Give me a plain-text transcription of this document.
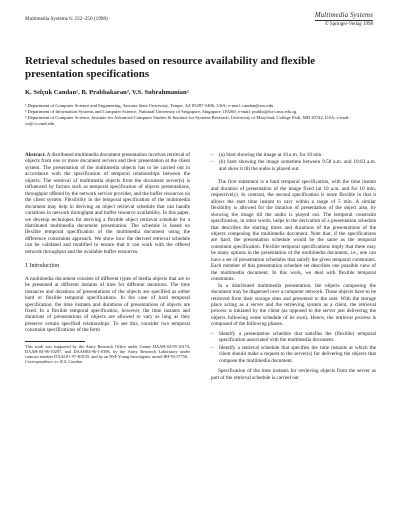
Multimedia Systems 6: 232–250 (1998)	Multimedia Systems
© Springer-Verlag 1998
Retrieval schedules based on resource availability and flexible presentation specifications
K. Selçuk Candan¹, B. Prabhakaran², V.S. Subrahmanian³
¹ Department of Computer Science and Engineering, Arizona State University, Tempe, AZ 85287-5406, USA; e-mail: candan@asu.edu
² Department of Information Systems and Computer Science, National University of Singapore, Singapore 119260; e-mail: prabha@iscs.nus.edu.sg
³ Department of Computer Science, Institute for Advanced Computer Studies & Institute for Systems Research, University of Maryland, College Park, MD 20742, USA; e-mail: vs@cs.umd.edu

Abstract. A distributed multimedia document presentation involves retrieval of objects from one or more document servers and their presentation at the client system. The presentation of the multimedia objects has to be carried out in accordance with the specification of temporal relationships between the objects. The retrieval of multimedia objects from the document server(s) is influenced by factors such as temporal specification of objects presentations, throughput offered by the network service provider, and the buffer resources on the client system. Flexibility in the temporal specification of the multimedia document may help in deriving an object retrieval schedule that can handle variations in network throughput and buffer resource availability. In this paper, we develop techniques for deriving a flexible object retrieval schedule for a distributed multimedia document presentation. The schedule is based on flexible temporal specification of the multimedia document using the difference constraints approach. We show how the derived retrieval schedule can be validated and modified to ensure that it can work with the offered network throughput and the available buffer resources.

1 Introduction

A multimedia document consists of different types of media objects that are to be presented at different instants of time for different durations. The time instances and durations of presentations of the objects are specified as either hard or flexible temporal specifications. In the case of hard temporal specification, the time instants and durations of presentations of objects are fixed. In a flexible temporal specification, however, the time instants and durations of presentations of objects are allowed to vary as long as they preserve certain specified relationships. To see this, consider two temporal constraint specifications of the form

This work was supported by the Army Research Office under Grants DAAH-04-95-10174, DAAH-04-96-10297, and DAAH04-96-1-0398, by the Army Research Laboratory under contract number DAAL01-97-K0135, and by an NSF Young Investigator award IRI-93-57756.
Correspondence to: K.S. Candan
– (a) Start showing the image at 10 a.m. for 10 min.
– (b) Start showing the image sometime between 9:58 a.m. and 10:03 a.m. and show it till the audio is played out.

The first statement is a hard temporal specification, with the time instant and duration of presentation of the image fixed (at 10 a.m. and for 10 min, respectively). In contrast, the second specification is more flexible in that it allows the start time instant to vary within a range of 5 min. A similar flexibility is allowed for the duration of presentation of the object also, by showing the image till the audio is played out. The temporal constraint specification, in other words, helps in the derivation of a presentation schedule that describes the starting times and durations of the presentations of the objects composing the multimedia document. Note that, if the specifications are hard, the presentation schedule would be the same as the temporal constraint specification. Flexible temporal specifications imply that there may be many options in the presentation of the multimedia document, i.e., one can have a set of presentation schedules that satisfy the given temporal constraints. Each member of this presentation schedule set describes one possible view of the multimedia document. In this work, we deal with flexible temporal constraints.

In a distributed multimedia presentation, the objects composing the document may be dispersed over a computer network. These objects have to be retrieved from their storage sites and presented to the user. With the storage place acting as a server and the retrieving system as a client, the retrieval process is initiated by the client (as opposed to the server just delivering the objects following some schedule of its own). Hence, the retrieval process is composed of the following phases.

– Identify a presentation schedule that satisfies the (flexible) temporal specification associated with the multimedia document.
– Identify a retrieval schedule that specifies the time instants at which the client should make a request to the server(s) for delivering the objects that compose the multimedia document.

Specification of the time instants for retrieving objects from the server as part of the retrieval schedule is carried out
